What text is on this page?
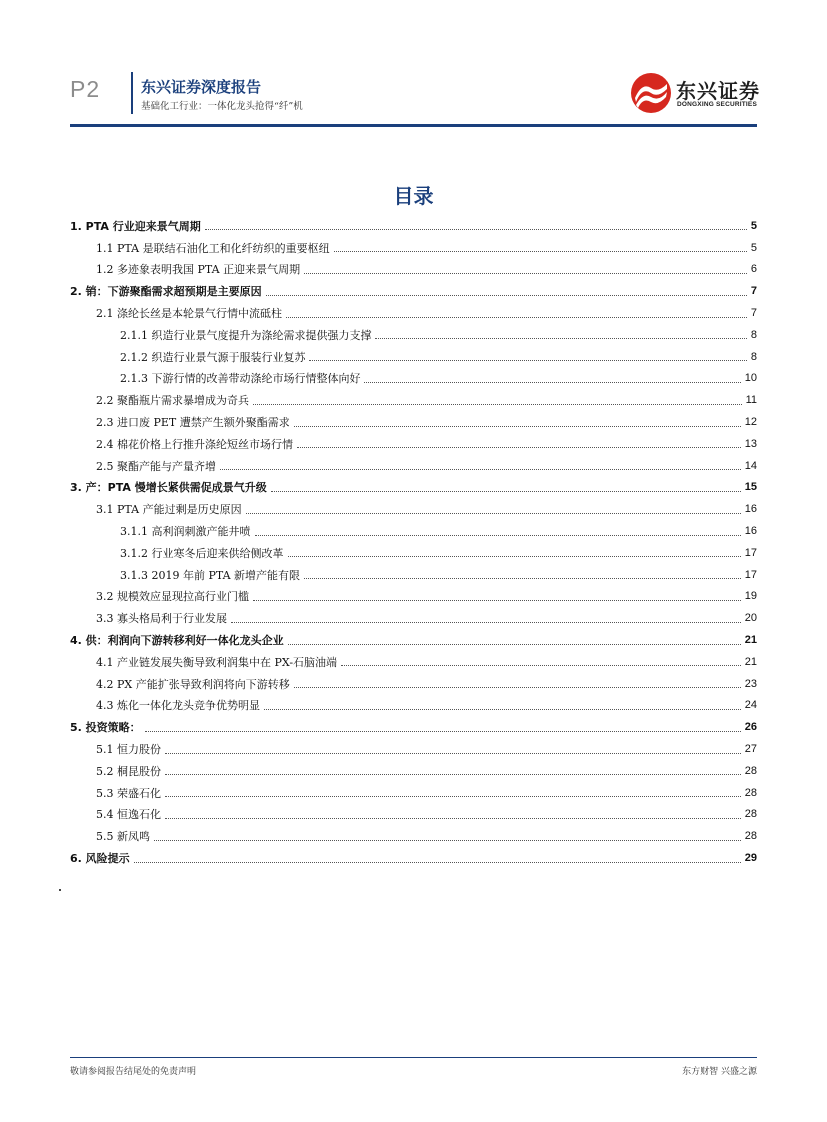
P2	东兴证券深度报告
基础化工行业：一体化龙头抢得“纤”机
东兴证券
DONGXING SECURITIES
目录
1. PTA 行业迎来景气周期	5
1.1 PTA 是联结石油化工和化纤纺织的重要枢纽	5
1.2 多迹象表明我国 PTA 正迎来景气周期	6
2. 销：下游聚酯需求超预期是主要原因	7
2.1 涤纶长丝是本轮景气行情中流砥柱	7
2.1.1 织造行业景气度提升为涤纶需求提供强力支撑	8
2.1.2 织造行业景气源于服装行业复苏	8
2.1.3 下游行情的改善带动涤纶市场行情整体向好	10
2.2 聚酯瓶片需求暴增成为奇兵	11
2.3 进口废 PET 遭禁产生额外聚酯需求	12
2.4 棉花价格上行推升涤纶短丝市场行情	13
2.5 聚酯产能与产量齐增	14
3. 产：PTA 慢增长紧供需促成景气升级	15
3.1 PTA 产能过剩是历史原因	16
3.1.1 高利润刺激产能井喷	16
3.1.2 行业寒冬后迎来供给侧改革	17
3.1.3 2019 年前 PTA 新增产能有限	17
3.2 规模效应显现拉高行业门槛	19
3.3 寡头格局利于行业发展	20
4. 供：利润向下游转移利好一体化龙头企业	21
4.1 产业链发展失衡导致利润集中在 PX-石脑油端	21
4.2 PX 产能扩张导致利润将向下游转移	23
4.3 炼化一体化龙头竞争优势明显	24
5. 投资策略：	26
5.1 恒力股份	27
5.2 桐昆股份	28
5.3 荣盛石化	28
5.4 恒逸石化	28
5.5 新凤鸣	28
6. 风险提示	29
敬请参阅报告结尾处的免责声明	东方财智 兴盛之源
